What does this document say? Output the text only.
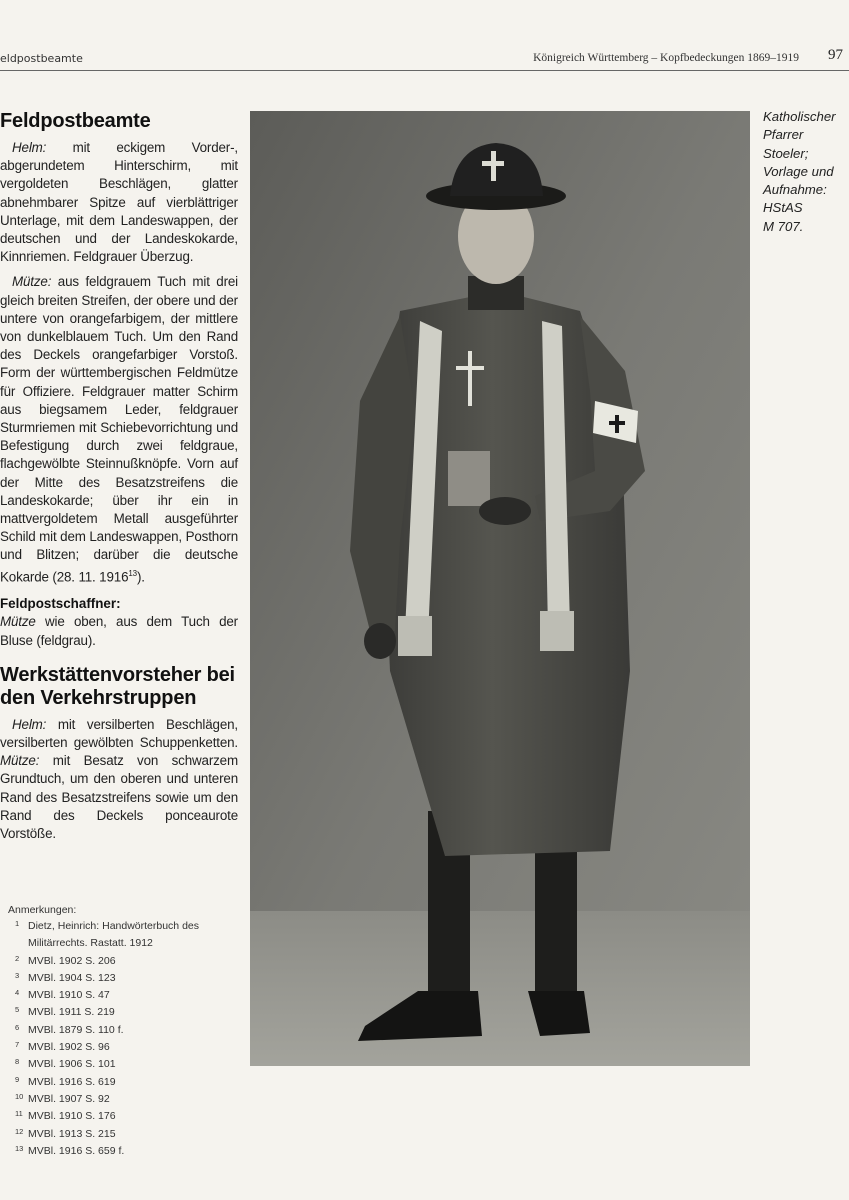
eldpostbeamte	Königreich Württemberg – Kopfbedeckungen 1869–1919 97
Feldpostbeamte

Helm: mit eckigem Vorder-, abgerundetem Hinterschirm, mit vergoldeten Beschlägen, glatter abnehmbarer Spitze auf vierblättriger Unterlage, mit dem Landeswappen, der deutschen und der Landeskokarde, Kinnriemen. Feldgrauer Überzug.

Mütze: aus feldgrauem Tuch mit drei gleich breiten Streifen, der obere und der untere von orangefarbigem, der mittlere von dunkelblauem Tuch. Um den Rand des Deckels orangefarbiger Vorstoß. Form der württembergischen Feldmütze für Offiziere. Feldgrauer matter Schirm aus biegsamem Leder, feldgrauer Sturmriemen mit Schiebevorrichtung und Befestigung durch zwei feldgraue, flachgewölbte Steinnußknöpfe. Vorn auf der Mitte des Besatzstreifens die Landeskokarde; über ihr ein in mattvergoldetem Metall ausgeführter Schild mit dem Landeswappen, Posthorn und Blitzen; darüber die deutsche Kokarde (28. 11. 1916$^{13}$).

Feldpostschaffner:

Mütze wie oben, aus dem Tuch der Bluse (feldgrau).

Werkstättenvorsteher bei
den Verkehrstruppen

Helm: mit versilberten Beschlägen, versilberten gewölbten Schuppenketten. Mütze: mit Besatz von schwarzem Grundtuch, um den oberen und unteren Rand des Besatzstreifens sowie um den Rand des Deckels ponceaurote Vorstöße.

Anmerkungen:
1 Dietz, Heinrich: Handwörterbuch des Militärrechts. Rastatt. 1912
2 MVBl. 1902 S. 206
3 MVBl. 1904 S. 123
4 MVBl. 1910 S. 47
5 MVBl. 1911 S. 219
6 MVBl. 1879 S. 110 f.
7 MVBl. 1902 S. 96
8 MVBl. 1906 S. 101
9 MVBl. 1916 S. 619
10 MVBl. 1907 S. 92
11 MVBl. 1910 S. 176
12 MVBl. 1913 S. 215
13 MVBl. 1916 S. 659 f.
Katholischer
Pfarrer
Stoeler;
Vorlage und
Aufnahme:
HStAS
M 707.
